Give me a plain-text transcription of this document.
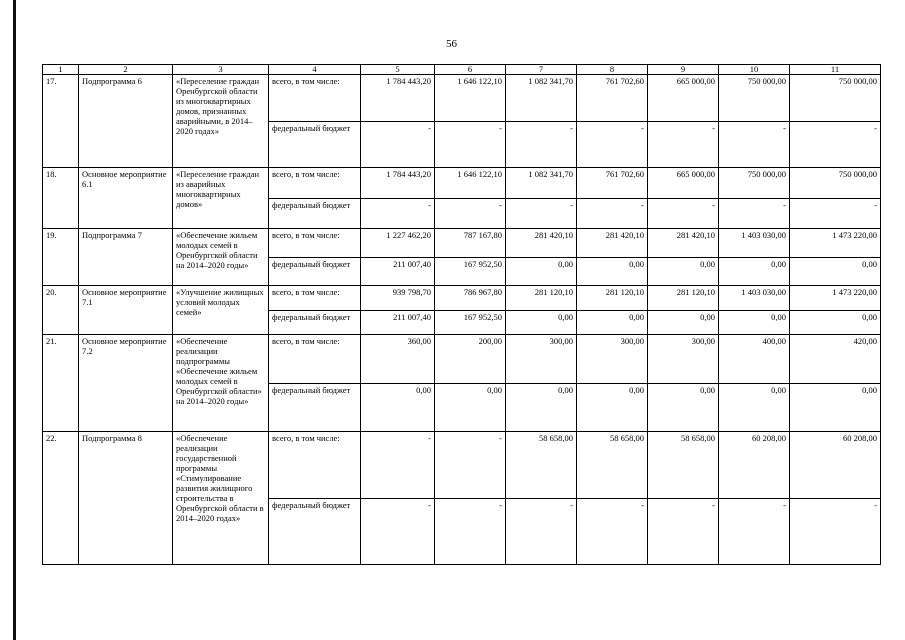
56
1	2	3	4	5	6	7	8	9	10	11
17.	Подпрограмма 6	«Переселение граждан Оренбургской области из многоквартирных домов, признанных аварийными, в 2014–2020 годах»	всего, в том числе:	1 784 443,20	1 646 122,10	1 082 341,70	761 702,60	665 000,00	750 000,00	750 000,00
			федеральный бюджет	-	-	-	-	-	-	-
18.	Основное мероприятие 6.1	«Переселение граждан из аварийных многоквартирных домов»	всего, в том числе:	1 784 443,20	1 646 122,10	1 082 341,70	761 702,60	665 000,00	750 000,00	750 000,00
			федеральный бюджет	-	-	-	-	-	-	-
19.	Подпрограмма 7	«Обеспечение жильем молодых семей в Оренбургской области на 2014–2020 годы»	всего, в том числе:	1 227 462,20	787 167,80	281 420,10	281 420,10	281 420,10	1 403 030,00	1 473 220,00
			федеральный бюджет	211 007,40	167 952,50	0,00	0,00	0,00	0,00	0,00
20.	Основное мероприятие 7.1	«Улучшение жилищных условий молодых семей»	всего, в том числе:	939 798,70	786 967,80	281 120,10	281 120,10	281 120,10	1 403 030,00	1 473 220,00
			федеральный бюджет	211 007,40	167 952,50	0,00	0,00	0,00	0,00	0,00
21.	Основное мероприятие 7.2	«Обеспечение реализации подпрограммы «Обеспечение жильем молодых семей в Оренбургской области» на 2014–2020 годы»	всего, в том числе:	360,00	200,00	300,00	300,00	300,00	400,00	420,00
			федеральный бюджет	0,00	0,00	0,00	0,00	0,00	0,00	0,00
22.	Подпрограмма 8	«Обеспечение реализации государственной программы «Стимулирование развития жилищного строительства в Оренбургской области в 2014–2020 годах»	всего, в том числе:	-	-	58 658,00	58 658,00	58 658,00	60 208,00	60 208,00
			федеральный бюджет	-	-	-	-	-	-	-
